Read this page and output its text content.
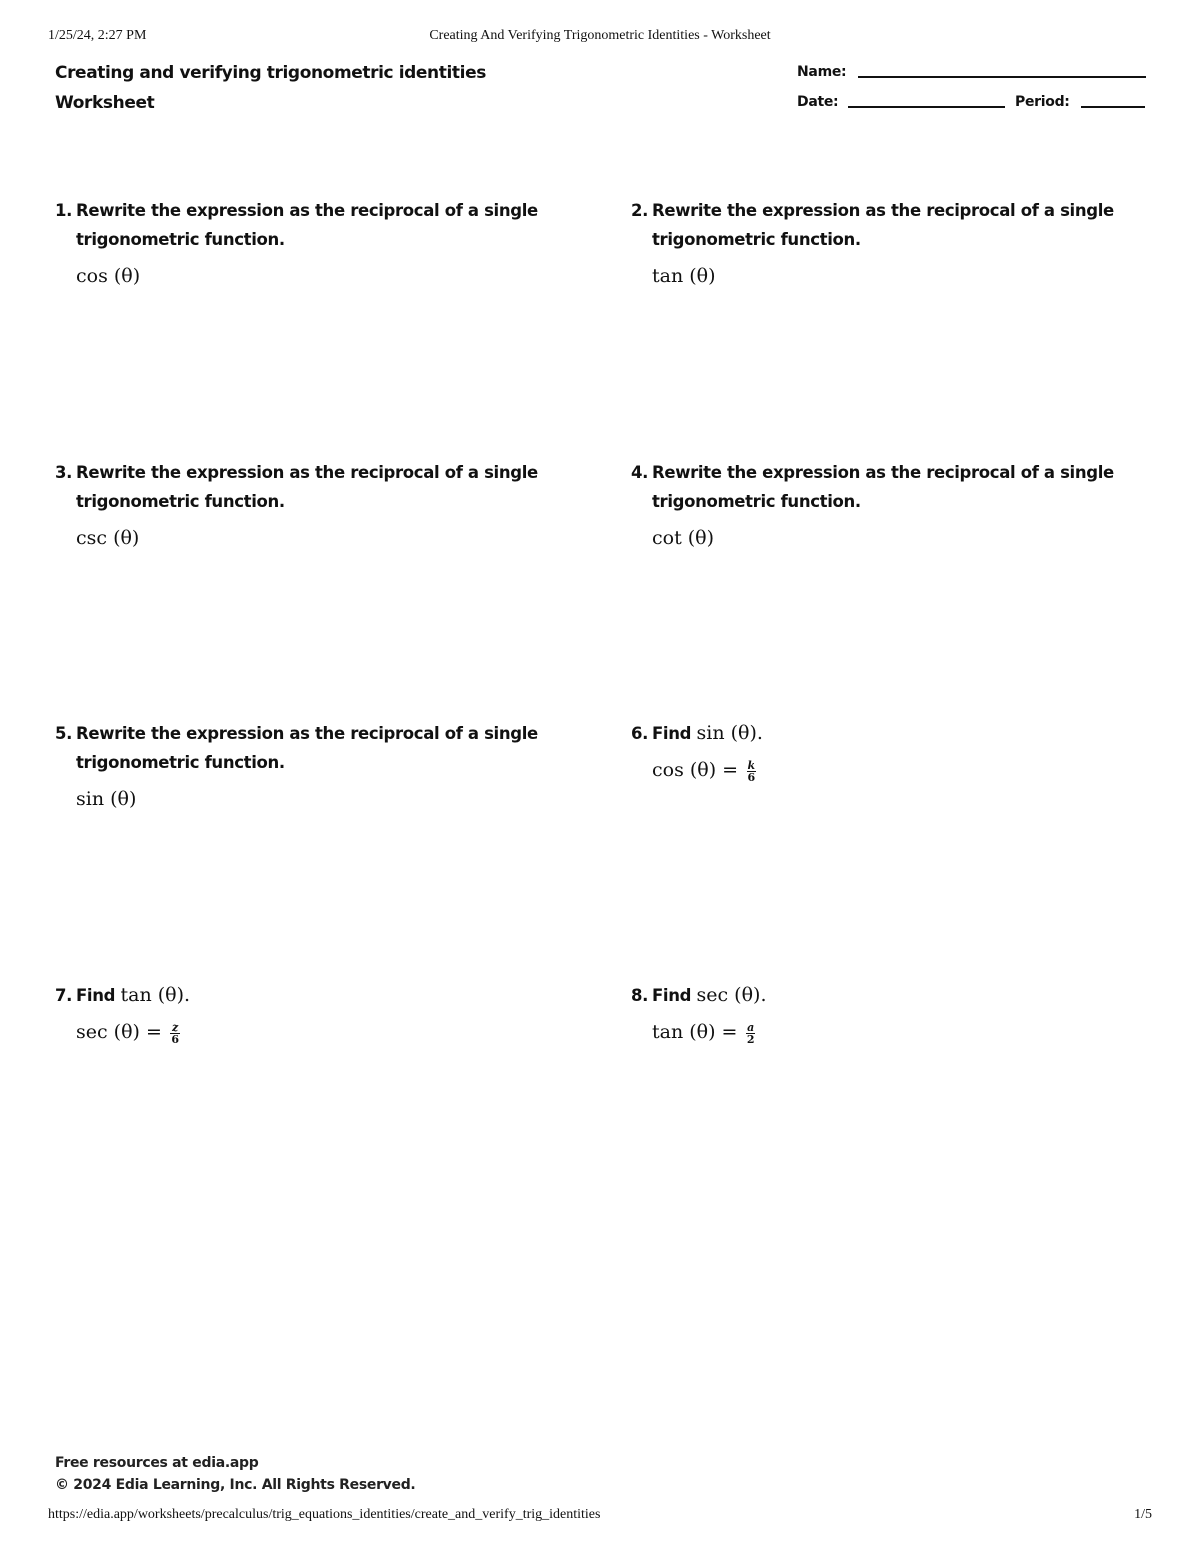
1/25/24, 2:27 PM	Creating And Verifying Trigonometric Identities - Worksheet
Creating and verifying trigonometric identities
Worksheet
Name:
Date:	Period:
1. Rewrite the expression as the reciprocal of a single trigonometric function.
cos (θ)
2. Rewrite the expression as the reciprocal of a single trigonometric function.
tan (θ)
3. Rewrite the expression as the reciprocal of a single trigonometric function.
csc (θ)
4. Rewrite the expression as the reciprocal of a single trigonometric function.
cot (θ)
5. Rewrite the expression as the reciprocal of a single trigonometric function.
sin (θ)
6. Find sin (θ).
$\cos (\theta) = \frac{k}{6}$
7. Find tan (θ).
$\sec (\theta) = \frac{z}{6}$
8. Find sec (θ).
$\tan (\theta) = \frac{a}{2}$
Free resources at edia.app
© 2024 Edia Learning, Inc. All Rights Reserved.
https://edia.app/worksheets/precalculus/trig_equations_identities/create_and_verify_trig_identities	1/5
